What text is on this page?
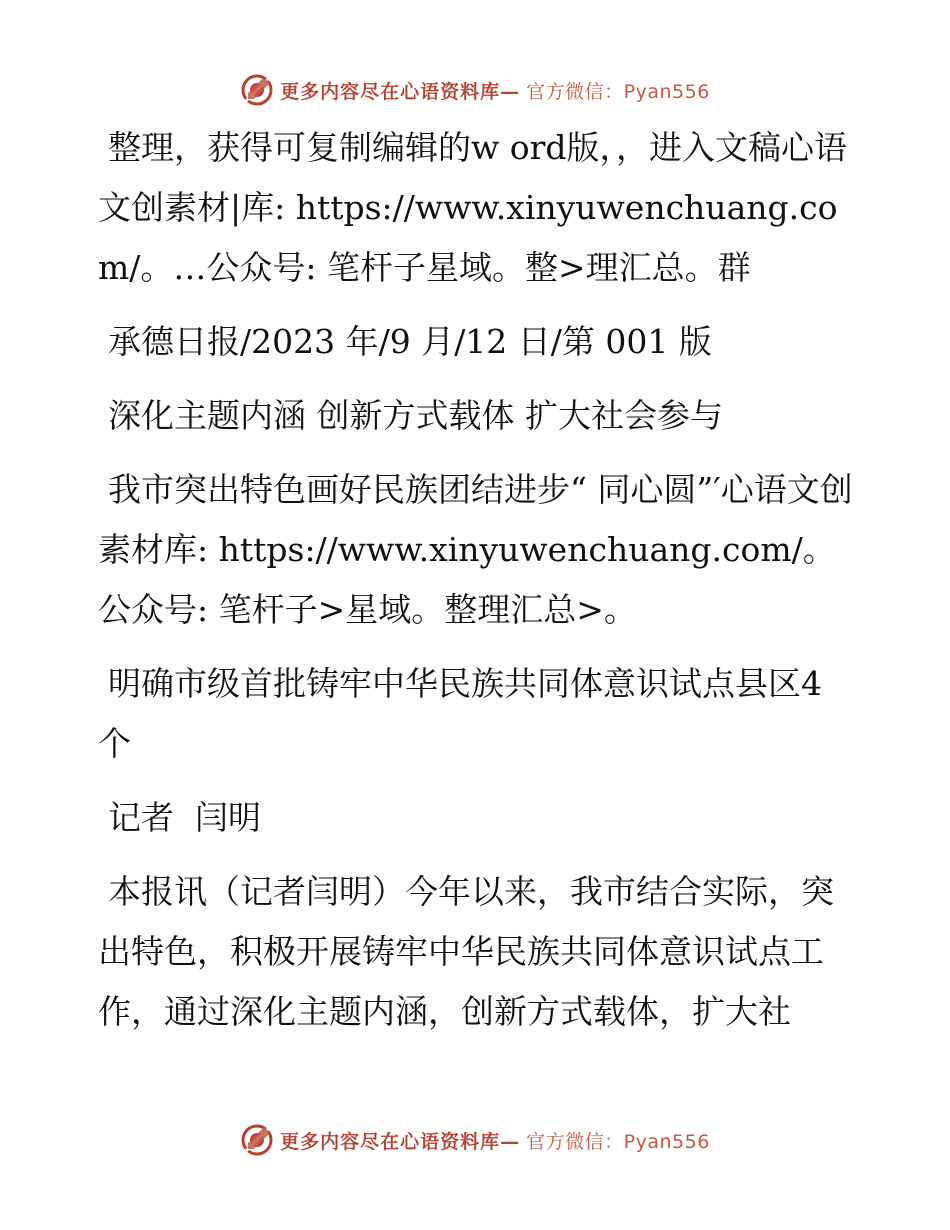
更多内容尽在心语资料库— 官方微信：Pyan556

整理，获得可复制编辑的w ord版，，进入文稿心语文创素材|库: https://www.xinyuwenchuang.com/。…公众号: 笔杆子星域。整>理汇总。群

承德日报/2023 年/9 月/12 日/第 001 版

深化主题内涵 创新方式载体 扩大社会参与

我市突出特色画好民族团结进步“ 同心圆”′心语文创素材库: https://www.xinyuwenchuang.com/。公众号: 笔杆子>星域。整理汇总>。

明确市级首批铸牢中华民族共同体意识试点县区4 个

记者  闫明

本报讯（记者闫明）今年以来，我市结合实际，突出特色，积极开展铸牢中华民族共同体意识试点工作，通过深化主题内涵，创新方式载体，扩大社

更多内容尽在心语资料库— 官方微信：Pyan556
